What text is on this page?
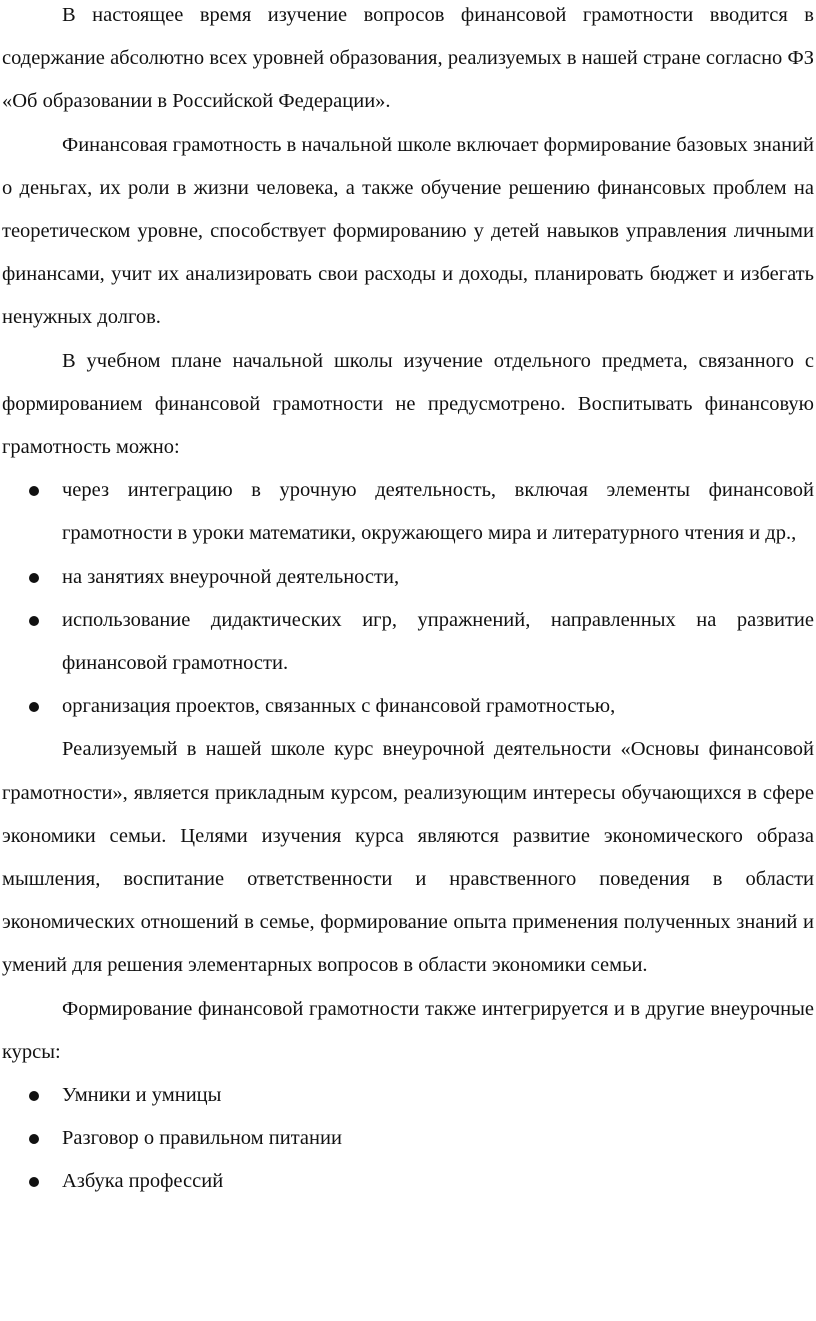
В настоящее время изучение вопросов финансовой грамотности вводится в содержание абсолютно всех уровней образования, реализуемых в нашей стране согласно ФЗ «Об образовании в Российской Федерации».

Финансовая грамотность в начальной школе включает формирование базовых знаний о деньгах, их роли в жизни человека, а также обучение решению финансовых проблем на теоретическом уровне, способствует формированию у детей навыков управления личными финансами, учит их анализировать свои расходы и доходы, планировать бюджет и избегать ненужных долгов.

В учебном плане начальной школы изучение отдельного предмета, связанного с формированием финансовой грамотности не предусмотрено. Воспитывать финансовую грамотность можно:

через интеграцию в урочную деятельность, включая элементы финансовой грамотности в уроки математики, окружающего мира и литературного чтения и др.,
на занятиях внеурочной деятельности,
использование дидактических игр, упражнений, направленных на развитие финансовой грамотности.
организация проектов, связанных с финансовой грамотностью,

Реализуемый в нашей школе курс внеурочной деятельности «Основы финансовой грамотности», является прикладным курсом, реализующим интересы обучающихся в сфере экономики семьи. Целями изучения курса являются развитие экономического образа мышления, воспитание ответственности и нравственного поведения в области экономических отношений в семье, формирование опыта применения полученных знаний и умений для решения элементарных вопросов в области экономики семьи.

Формирование финансовой грамотности также интегрируется и в другие внеурочные курсы:

Умники и умницы
Разговор о правильном питании
Азбука профессий
